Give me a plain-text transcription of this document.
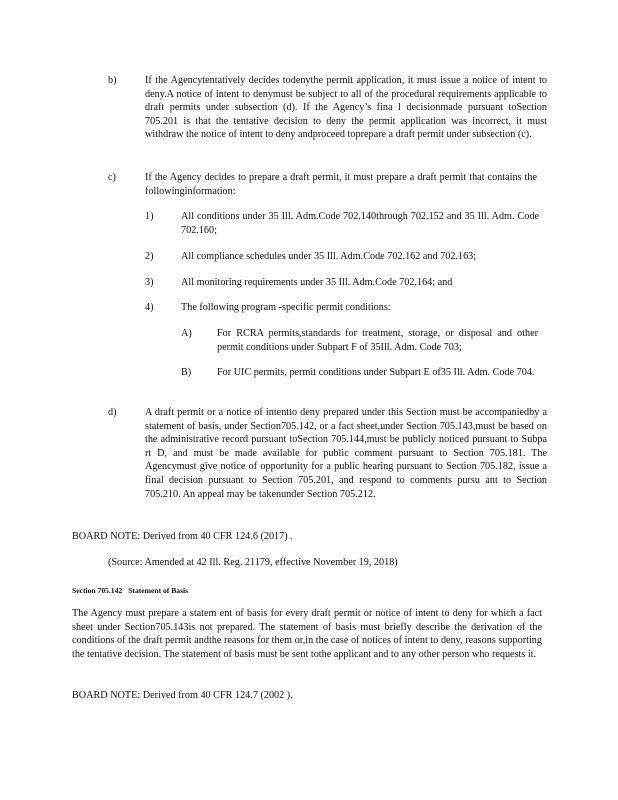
b)	If the Agencytentatively decides todenythe permit application, it must issue a notice of intent to deny.A notice of intent to denymust be subject to all of the procedural requirements applicable to draft permits under subsection (d). If the Agency’s fina l decisionmade pursuant toSection 705.201 is that the tentative decision to deny the permit application was incorrect, it must withdraw the notice of intent to deny andproceed toprepare a draft permit under subsection (c).
c)	If the Agency decides to prepare a draft permit, it must prepare a draft permit that contains the followinginformation:
1)	All conditions under 35 Ill. Adm.Code 702.140through 702.152 and 35 Ill. Adm. Code 702.160;
2)	All compliance schedules under 35 Ill. Adm.Code 702.162 and 702.163;
3)	All monitoring requirements under 35 Ill. Adm.Code 702.164; and
4)	The following program -specific permit conditions:
A) For RCRA permits,standards for treatment, storage, or disposal and other permit conditions under Subpart F of 35Ill. Adm. Code 703;
B)	For UIC permits, permit conditions under Subpart E of35 Ill. Adm. Code 704.
d)	A draft permit or a notice of intentto deny prepared under this Section must be accompaniedby a statement of basis, under Section705.142, or a fact sheet,under Section 705.143,must be based on the administrative record pursuant toSection 705.144,must be publicly noticed pursuant to Subpa rt D, and must be made available for public comment pursuant to Section 705.181. The Agencymust give notice of opportunity for a public hearing pursuant to Section 705.182, issue a final decision pursuant to Section 705.201, and respond to comments pursu ant to Section 705.210. An appeal may be takenunder Section 705.212.
BOARD NOTE: Derived from 40 CFR 124.6 (2017) .
(Source: Amended at 42 Ill. Reg. 21179, effective November 19, 2018)
Section 705.142 Statement of Basis
The Agency must prepare a statem ent of basis for every draft permit or notice of intent to deny for which a fact sheet under Section705.143is not prepared. The statement of basis must briefly describe the derivation of the conditions of the draft permit andthe reasons for them or,in the case of notices of intent to deny, reasons supporting the tentative decision. The statement of basis must be sent tothe applicant and to any other person who requests it.
BOARD NOTE: Derived from 40 CFR 124.7 (2002 ).
